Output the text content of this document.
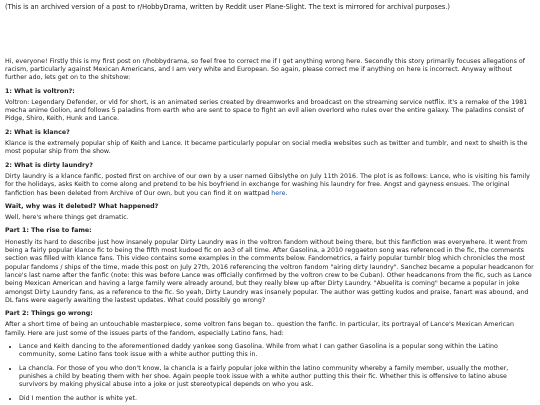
(This is an archived version of a post to r/HobbyDrama, written by Reddit user Plane-Slight. The text is mirrored for archival purposes.)

Hi, everyone! Firstly this is my first post on r/hobbydrama, so feel free to correct me if I get anything wrong here. Secondly this story primarily focuses allegations of racism, particularly against Mexican Americans, and I am very white and European. So again, please correct me if anything on here is incorrect. Anyway without further ado, lets get on to the shitshow:

1: What is voltron?:

Voltron: Legendary Defender, or vld for short, is an animated series created by dreamworks and broadcast on the streaming service netflix. It's a remake of the 1981 mecha anime Golion, and follows 5 paladins from earth who are sent to space to fight an evil alien overlord who rules over the entire galaxy. The paladins consist of Pidge, Shiro, Keith, Hunk and Lance.

2: What is klance?

Klance is the extremely popular ship of Keith and Lance. It became particularly popular on social media websites such as twitter and tumblr, and next to sheith is the most popular ship from the show.

2: What is dirty laundry?

Dirty laundry is a klance fanfic, posted first on archive of our own by a user named Gibslythe on July 11th 2016. The plot is as follows: Lance, who is visiting his family for the holidays, asks Keith to come along and pretend to be his boyfriend in exchange for washing his laundry for free. Angst and gayness ensues. The original fanfiction has been deleted from Archive of Our own, but you can find it on wattpad here.

Wait, why was it deleted? What happened?

Well, here's where things get dramatic.

Part 1: The rise to fame:

Honestly its hard to describe just how insanely popular Dirty Laundry was in the voltron fandom without being there, but this fanfiction was everywhere. It went from being a fairly popular klance fic to being the fifth most kudoed fic on ao3 of all time. After Gasolina, a 2010 reggaeton song was referenced in the fic, the comments section was filled with klance fans. This video contains some examples in the comments below. Fandometrics, a fairly popular tumblr blog which chronicles the most popular fandoms / ships of the time, made this post on July 27th, 2016 referencing the voltron fandom "airing dirty laundry". Sanchez became a popular headcanon for lance's last name after the fanfic (note: this was before Lance was officially confirmed by the voltron crew to be Cuban). Other headcanons from the fic, such as Lance being Mexican American and having a large family were already around, but they really blew up after Dirty Laundry. "Abuelita is coming" became a popular in joke amongst Dirty Laundry fans, as a reference to the fic. So yeah, Dirty Laundry was insanely popular. The author was getting kudos and praise, fanart was abound, and DL fans were eagerly awaiting the lastest updates. What could possibly go wrong?

Part 2: Things go wrong:

After a short time of being an untouchable masterpiece, some voltron fans began to.. question the fanfic. In particular, its portrayal of Lance's Mexican American family. Here are just some of the issues parts of the fandom, especially Latino fans, had:

• Lance and Keith dancing to the aforementioned daddy yankee song Gasolina. While from what I can gather Gasolina is a popular song within the Latino community, some Latino fans took issue with a white author putting this in.
• La chancla. For those of you who don't know, la chancla is a fairly popular joke within the latino community whereby a family member, usually the mother, punishes a child by beating them with her shoe. Again people took issue with a white author putting this their fic. Whether this is offensive to latino abuse survivors by making physical abuse into a joke or just stereotypical depends on who you ask.
• Did I mention the author is white yet.
